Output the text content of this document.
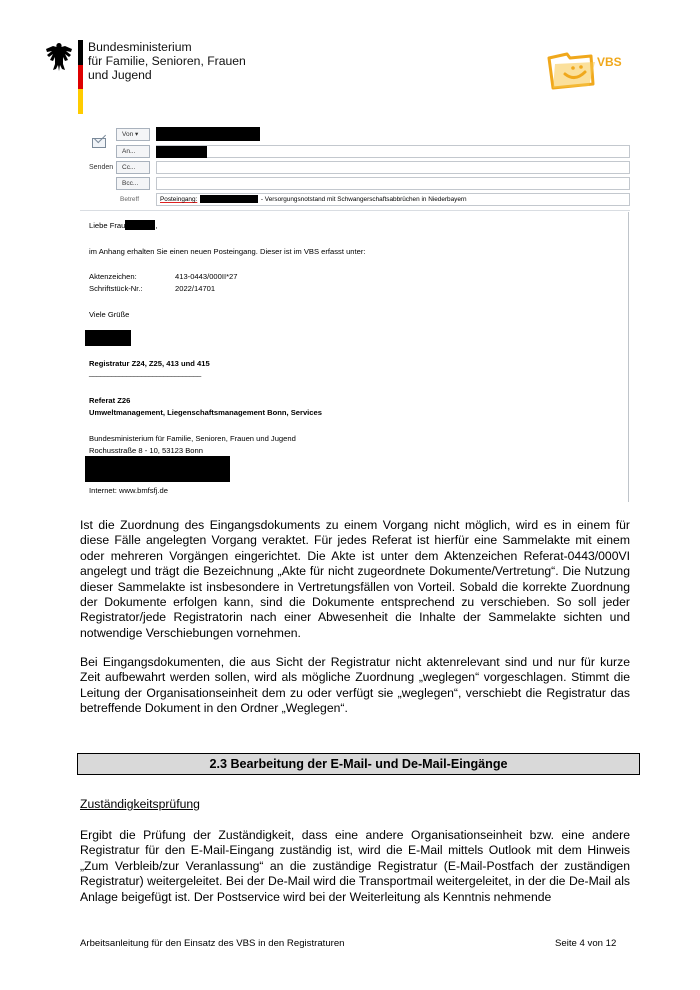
Bundesministerium
für Familie, Senioren, Frauen
und Jugend
VBS
Senden
Von ▾
An...
Cc...
Bcc...
Betreff	Posteingang:	- Versorgungsnotstand mit Schwangerschaftsabbrüchen in Niederbayern
Liebe Frau	,
im Anhang erhalten Sie einen neuen Posteingang. Dieser ist im VBS erfasst unter:
Aktenzeichen:	413-0443/000II*27
Schriftstück-Nr.:	2022/14701
Viele Grüße
Registratur Z24, Z25, 413 und 415
______________________________
Referat Z26
Umweltmanagement, Liegenschaftsmanagement Bonn, Services
Bundesministerium für Familie, Senioren, Frauen und Jugend
Rochusstraße 8 - 10, 53123 Bonn
Internet: www.bmfsfj.de
Ist die Zuordnung des Eingangsdokuments zu einem Vorgang nicht möglich, wird es in einem für diese Fälle angelegten Vorgang veraktet. Für jedes Referat ist hierfür eine Sammelakte mit einem oder mehreren Vorgängen eingerichtet. Die Akte ist unter dem Aktenzeichen Referat-0443/000VI angelegt und trägt die Bezeichnung „Akte für nicht zugeordnete Dokumente/Vertretung“. Die Nutzung dieser Sammelakte ist insbesondere in Vertretungsfällen von Vorteil. Sobald die korrekte Zuordnung der Dokumente erfolgen kann, sind die Dokumente entsprechend zu verschieben. So soll jeder Registrator/jede Registratorin nach einer Abwesenheit die Inhalte der Sammelakte sichten und notwendige Verschiebungen vornehmen.
Bei Eingangsdokumenten, die aus Sicht der Registratur nicht aktenrelevant sind und nur für kurze Zeit aufbewahrt werden sollen, wird als mögliche Zuordnung „weglegen“ vorgeschlagen. Stimmt die Leitung der Organisationseinheit dem zu oder verfügt sie „weglegen“, verschiebt die Registratur das betreffende Dokument in den Ordner „Weglegen“.
2.3 Bearbeitung der E-Mail- und De-Mail-Eingänge
Zuständigkeitsprüfung
Ergibt die Prüfung der Zuständigkeit, dass eine andere Organisationseinheit bzw. eine andere Registratur für den E-Mail-Eingang zuständig ist, wird die E-Mail mittels Outlook mit dem Hinweis „Zum Verbleib/zur Veranlassung“ an die zuständige Registratur (E-Mail-Postfach der zuständigen Registratur) weitergeleitet. Bei der De-Mail wird die Transportmail weitergeleitet, in der die De-Mail als Anlage beigefügt ist. Der Postservice wird bei der Weiterleitung als Kenntnis nehmende
Arbeitsanleitung für den Einsatz des VBS in den Registraturen	Seite 4 von 12
